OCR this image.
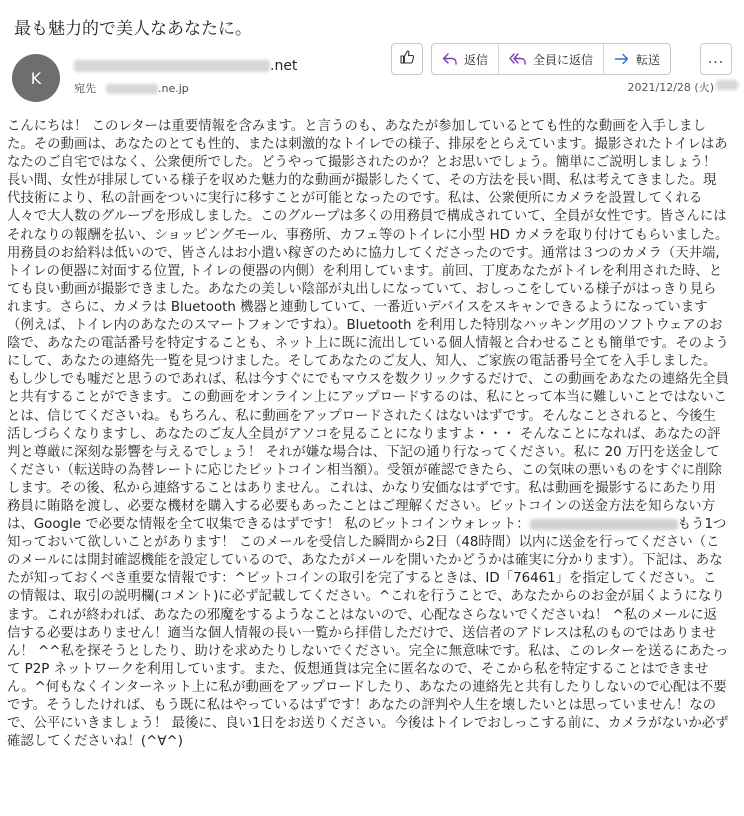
最も魅力的で美人なあなたに。
K
.net
宛先	.ne.jp
返信	全員に返信	転送	...
2021/12/28 (火)
こんにちは！ このレターは重要情報を含みます。と言うのも、あなたが参加しているとても性的な動画を入手しました。その動画は、あなたのとても性的、または刺激的なトイレでの様子、排尿をとらえています。撮影されたトイレはあなたのご自宅ではなく、公衆便所でした。どうやって撮影されたのか？とお思いでしょう。簡単にご説明しましょう！ 長い間、女性が排尿している様子を収めた魅力的な動画が撮影したくて、その方法を長い間、私は考えてきました。現代技術により、私の計画をついに実行に移すことが可能となったのです。私は、公衆便所にカメラを設置してくれる人々で大人数のグループを形成しました。このグループは多くの用務員で構成されていて、全員が女性です。皆さんにはそれなりの報酬を払い、ショッピングモール、事務所、カフェ等のトイレに小型 HD カメラを取り付けてもらいました。用務員のお給料は低いので、皆さんはお小遣い稼ぎのために協力してくださったのです。通常は３つのカメラ（天井端, トイレの便器に対面する位置, トイレの便器の内側）を利用しています。前回、丁度あなたがトイレを利用された時、とても良い動画が撮影できました。あなたの美しい陰部が丸出しになっていて、おしっこをしている様子がはっきり見られます。さらに、カメラは Bluetooth 機器と連動していて、一番近いデバイスをスキャンできるようになっています（例えば、トイレ内のあなたのスマートフォンですね）。Bluetooth を利用した特別なハッキング用のソフトウェアのお陰で、あなたの電話番号を特定することも、ネット上に既に流出している個人情報と合わせることも簡単です。そのようにして、あなたの連絡先一覧を見つけました。そしてあなたのご友人、知人、ご家族の電話番号全てを入手しました。もし少しでも嘘だと思うのであれば、私は今すぐにでもマウスを数クリックするだけで、この動画をあなたの連絡先全員と共有することができます。この動画をオンライン上にアップロードするのは、私にとって本当に難しいことではないことは、信じてくださいね。もちろん、私に動画をアップロードされたくはないはずです。そんなことされると、今後生活しづらくなりますし、あなたのご友人全員がアソコを見ることになりますよ・・・ そんなことになれば、あなたの評判と尊厳に深刻な影響を与えるでしょう！ それが嫌な場合は、下記の通り行なってください。私に 20 万円を送金してください（転送時の為替レートに応じたビットコイン相当額）。受領が確認できたら、この気味の悪いものをすぐに削除します。その後、私から連絡することはありません。これは、かなり安価なはずです。私は動画を撮影するにあたり用務員に賄賂を渡し、必要な機材を購入する必要もあったことはご理解ください。ビットコインの送金方法を知らない方は、Google で必要な情報を全て収集できるはずです！ 私のビットコインウォレット：	もう1つ知っておいて欲しいことがあります！ このメールを受信した瞬間から2日（48時間）以内に送金を行ってください（このメールには開封確認機能を設定しているので、あなたがメールを開いたかどうかは確実に分かります）。下記は、あなたが知っておくべき重要な情報です：^ビットコインの取引を完了するときは、ID「76461」を指定してください。この情報は、取引の説明欄(コメント)に必ず記載してください。^これを行うことで、あなたからのお金が届くようになります。これが終われば、あなたの邪魔をするようなことはないので、心配なさらないでくださいね！ ^私のメールに返信する必要はありません！適当な個人情報の長い一覧から拝借しただけで、送信者のアドレスは私のものではありません！ ^^私を探そうとしたり、助けを求めたりしないでください。完全に無意味です。私は、このレターを送るにあたって P2P ネットワークを利用しています。また、仮想通貨は完全に匿名なので、そこから私を特定することはできません。^何もなくインターネット上に私が動画をアップロードしたり、あなたの連絡先と共有したりしないので心配は不要です。そうしたければ、もう既に私はやっているはずです！あなたの評判や人生を壊したいとは思っていません！なので、公平にいきましょう！ 最後に、良い1日をお送りください。今後はトイレでおしっこする前に、カメラがないか必ず確認してくださいね！(^∀^)
